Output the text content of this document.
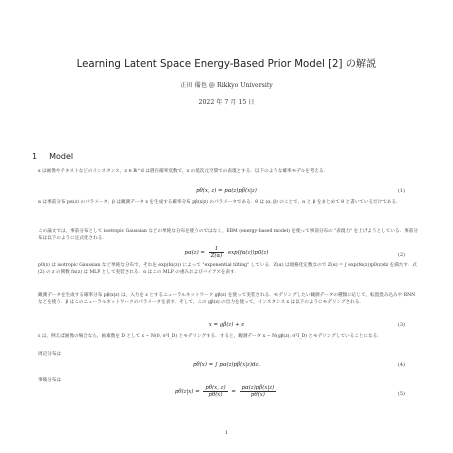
Learning Latent Space Energy-Based Prior Model [2] の解説
正田 備也 @ Rikkyo University
2022 年 7 月 15 日
1 Model
x は画像やテキストなどのインスタンス，z ∈ ℝ^d は潜在確率変数で，x の低次元空間での表現とする．以下のような確率モデルを考える．
pθ(x, z) = pα(z)pβ(x|z)	(1)
α は事前分布 pα(z) のパラメータ，β は観測データ x を生成する確率分布 pβ(x|z) のパラメータである．θ は (α, β) のことで，α と β をまとめて θ と書いているだけである．
この論文では，事前分布として isotropic Gaussian などの単純な分布を使うのではなく，EBM (energy-based model) を使って事前分布の "表現力" を上げようとしている．事前分布は以下のように定式化される．
$p\alpha(z) = \frac{1}{Z(\alpha)} \exp(f\alpha(z))p0(z)$	(2)
p0(z) は isotropic Gaussian など単純な分布で，それを exp(fα(z)) によって "exponential tilting" している．Z(α) は規格化定数なので Z(α) = ∫ exp(fα(z))p0(z)dz を満たす．式 (2) の z の関数 fα(z) は MLP として実装される．α はこの MLP の重みおよびバイアスを表す．
観測データを生成する確率分布 pβ(x|z) は，入力を z とするニューラルネットワーク gβ(z) を使って実装される．モデリングしたい観測データの種類に応じて，転置畳み込みや RNN などを使う．β はこのニューラルネットワークのパラメータを表す．そして，この gβ(z) の出力を使って，インスタンス x は以下のようにモデリングされる．
x = gβ(z) + ε	(3)
ε は，例えば画像の場合なら，画素数を D として ε ∼ N(0, σ²I_D) とモデリングする．すると，観測データ x ∼ N(gβ(z), σ²I_D) とモデリングしていることになる．
周辺分布は
pθ(x) = ∫ pα(z)pβ(x|z)dz.	(4)
事後分布は
$p\theta(z|x) = \frac{p\theta(x, z)}{p\theta(x)} = \frac{p\alpha(z)p\beta(x|z)}{p\theta(x)}$	(5)
1
